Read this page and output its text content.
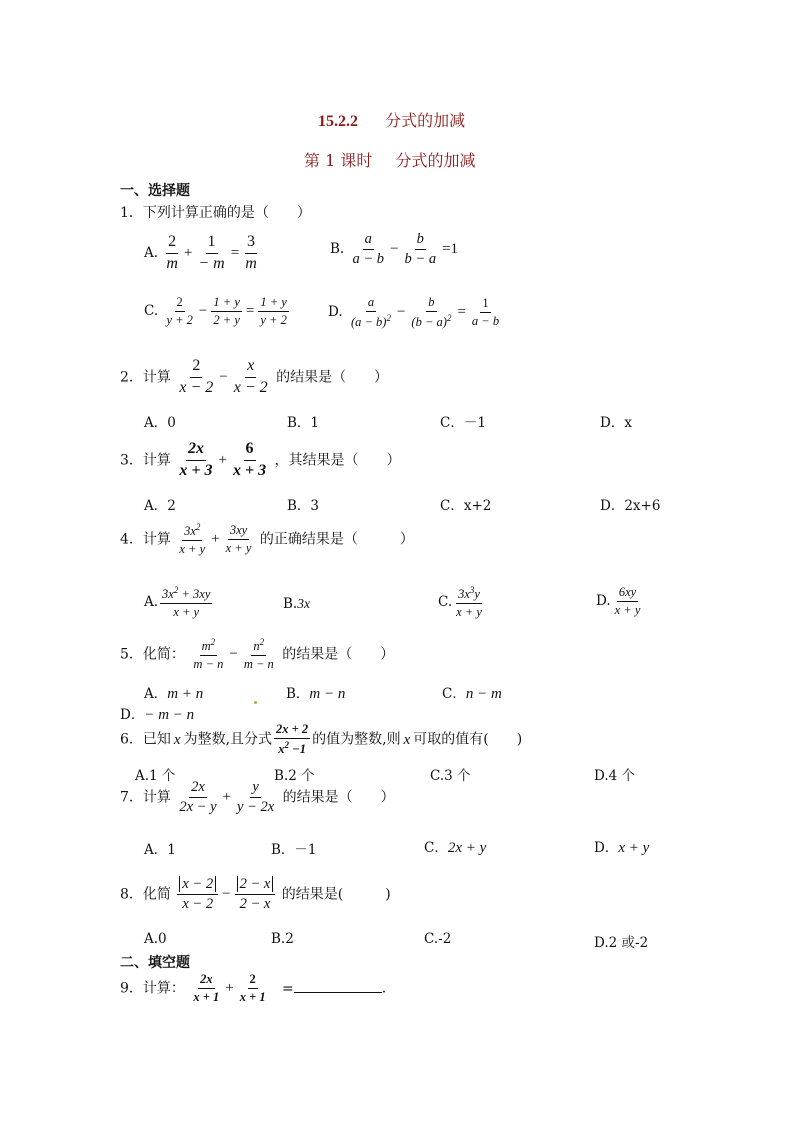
15.2.2 分式的加减
第 1 课时 分式的加减
一、选择题
1．下列计算正确的是（　　）
A. $\frac{2}{m} + \frac{1}{- m} = \frac{3}{m}$	B. $\frac{a}{a - b} - \frac{b}{b - a} =1$
C. $\frac{2}{y + 2} - \frac{1 + y}{2 + y} = \frac{1 + y}{y + 2}$	D. $\frac{a}{(a - b)^2} - \frac{b}{(b - a)^2} = \frac{1}{a - b}$
2．计算 $\frac{2}{x - 2} - \frac{x}{x - 2}$ 的结果是（　　）
A．0	B．1	C．－1	D．x
3．计算 $\frac{2x}{x + 3} + \frac{6}{x + 3}$ ，其结果是（　　）
A．2	B．3	C．x+2	D．2x+6
4．计算 $\frac{3x^2}{x + y} + \frac{3xy}{x + y}$ 的正确结果是（　　　）
A. $\frac{3x^2 + 3xy}{x + y}$	B.3x	C. $\frac{3x^3y}{x + y}$	D. $\frac{6xy}{x + y}$
5．化简： $\frac{m^2}{m - n} - \frac{n^2}{m - n}$ 的结果是（　　）
A．m + n	B．m − n	C．n − m
D．− m − n
6．已知 x 为整数,且分式 $\frac{2x + 2}{x^2 -1}$ 的值为整数,则 x 可取的值有(　　)
A.1 个	B.2 个	C.3 个	D.4 个
7．计算 $\frac{2x}{2x - y} + \frac{y}{y - 2x}$ 的结果是（　　）
A．1	B．－1	C．2x + y	D．x + y
8．化简 $\frac{x - 2}{x - 2} - \frac{2 - x}{2 - x}$ 的结果是(　　　)
A.0	B.2	C.-2	D.2 或-2
二、填空题
9．计算： $\frac{2x}{x + 1} + \frac{2}{x + 1}$ =	.
